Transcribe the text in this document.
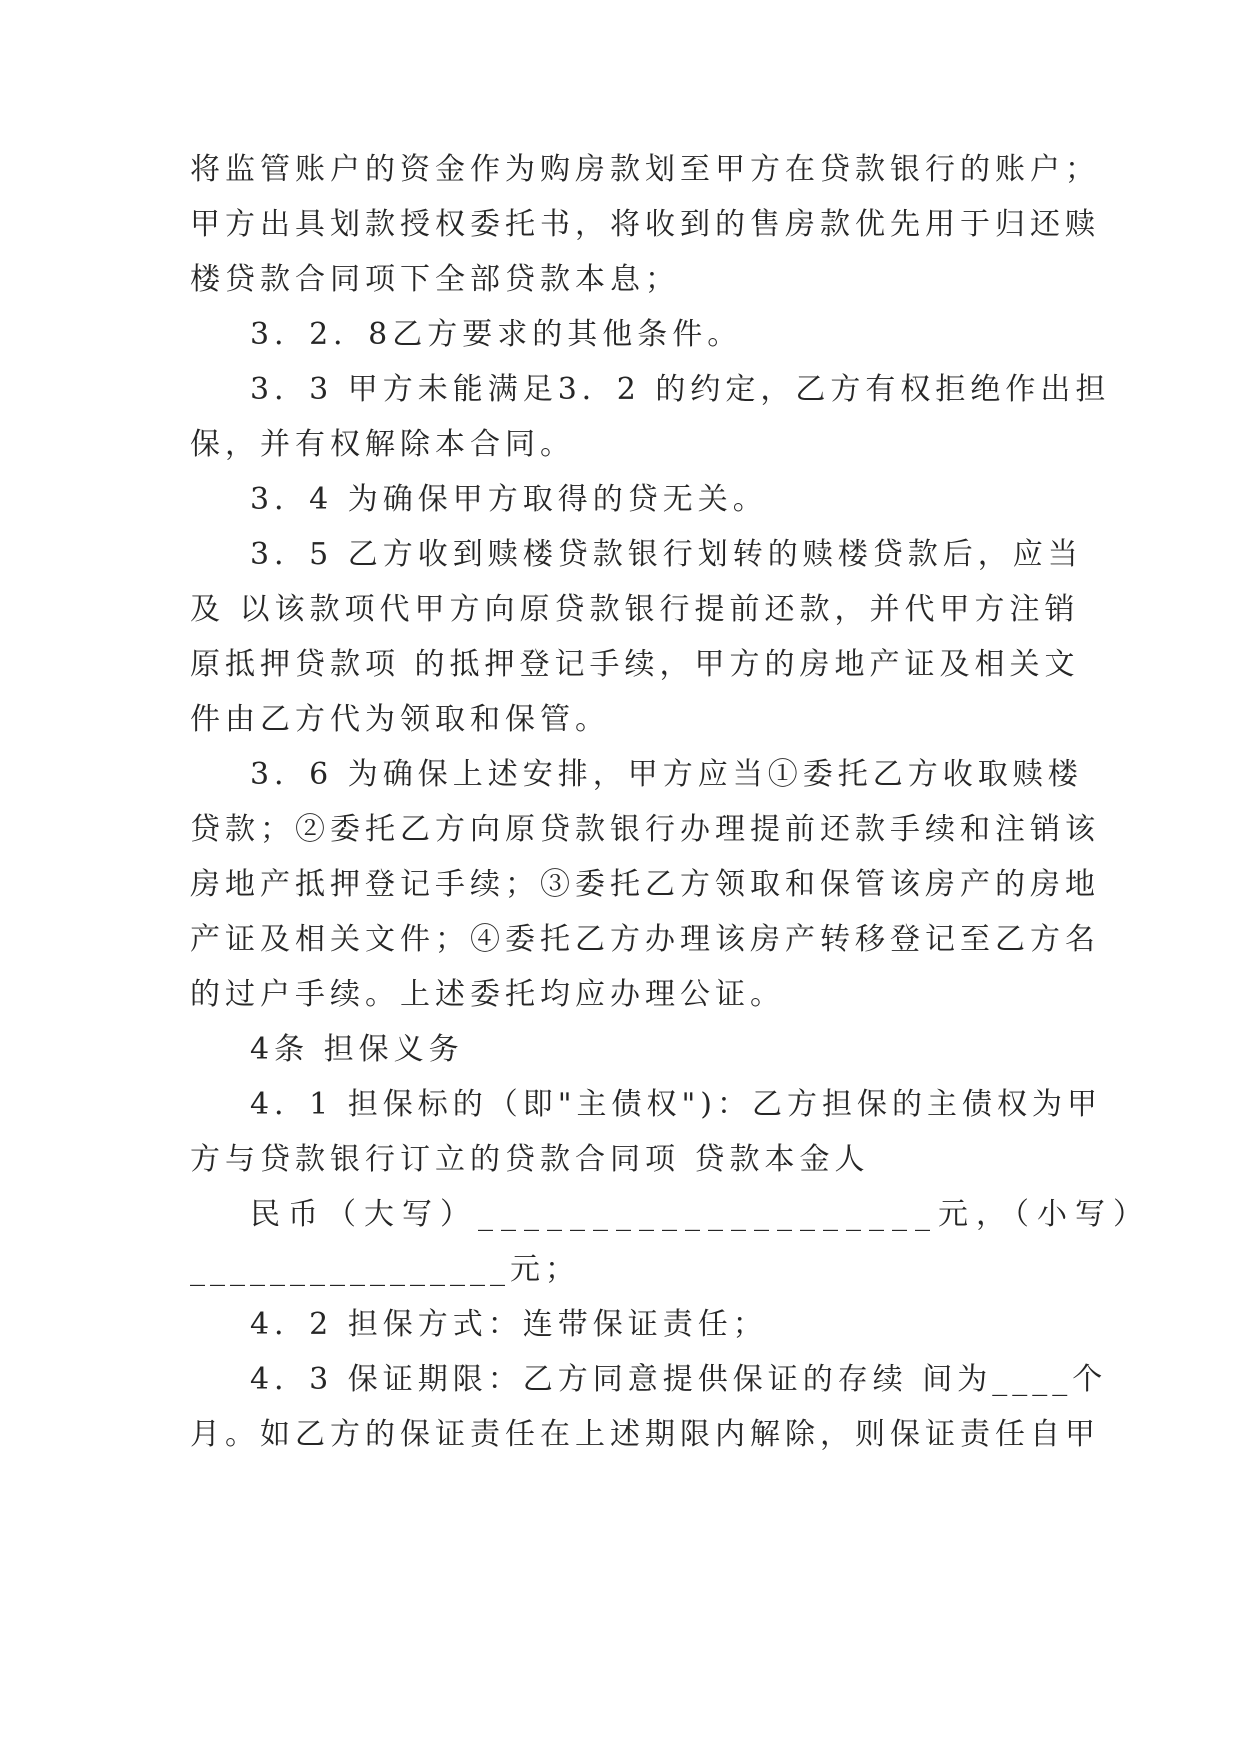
将监管账户的资金作为购房款划至甲方在贷款银行的账户；
甲方出具划款授权委托书，将收到的售房款优先用于归还赎
楼贷款合同项下全部贷款本息；
3．2．8乙方要求的其他条件。
3．3 甲方未能满足3．2 的约定，乙方有权拒绝作出担
保，并有权解除本合同。
3．4 为确保甲方取得的贷无关。
3．5 乙方收到赎楼贷款银行划转的赎楼贷款后，应当
及 以该款项代甲方向原贷款银行提前还款，并代甲方注销
原抵押贷款项 的抵押登记手续，甲方的房地产证及相关文
件由乙方代为领取和保管。
3．6 为确保上述安排，甲方应当①委托乙方收取赎楼
贷款；②委托乙方向原贷款银行办理提前还款手续和注销该
房地产抵押登记手续；③委托乙方领取和保管该房产的房地
产证及相关文件；④委托乙方办理该房产转移登记至乙方名
的过户手续。上述委托均应办理公证。
4条 担保义务
4．1 担保标的（即"主债权")：乙方担保的主债权为甲
方与贷款银行订立的贷款合同项 贷款本金人
民币（大写）____________________元，（小写）
________________元；
4．2 担保方式：连带保证责任；
4．3 保证期限：乙方同意提供保证的存续 间为____个
月。如乙方的保证责任在上述期限内解除，则保证责任自甲
